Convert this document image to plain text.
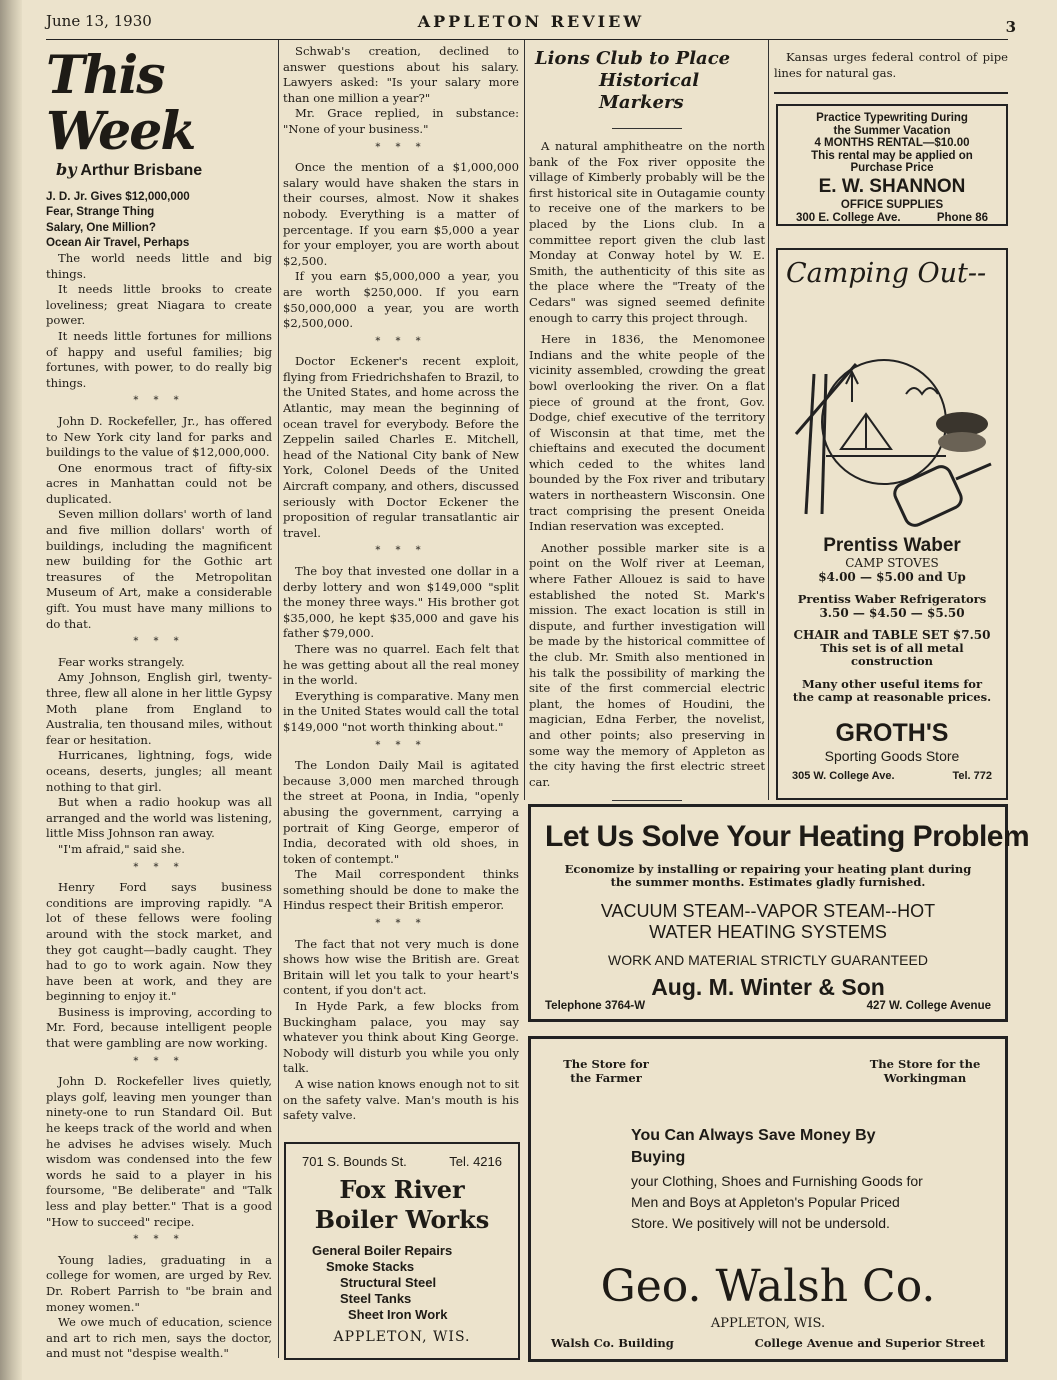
June 13, 1930	APPLETON REVIEW	3
This Week
by Arthur Brisbane
J. D. Jr. Gives $12,000,000
Fear, Strange Thing
Salary, One Million?
Ocean Air Travel, Perhaps

The world needs little and big things.

It needs little brooks to create loveliness; great Niagara to create power.

It needs little fortunes for millions of happy and useful families; big fortunes, with power, to do really big things.

* * *

John D. Rockefeller, Jr., has offered to New York city land for parks and buildings to the value of $12,000,000.

One enormous tract of fifty-six acres in Manhattan could not be duplicated.

Seven million dollars' worth of land and five million dollars' worth of buildings, including the magnificent new building for the Gothic art treasures of the Metropolitan Museum of Art, make a considerable gift. You must have many millions to do that.

* * *

Fear works strangely.

Amy Johnson, English girl, twenty-three, flew all alone in her little Gypsy Moth plane from England to Australia, ten thousand miles, without fear or hesitation.

Hurricanes, lightning, fogs, wide oceans, deserts, jungles; all meant nothing to that girl.

But when a radio hookup was all arranged and the world was listening, little Miss Johnson ran away.

"I'm afraid," said she.

* * *

Henry Ford says business conditions are improving rapidly. "A lot of these fellows were fooling around with the stock market, and they got caught—badly caught. They had to go to work again. Now they have been at work, and they are beginning to enjoy it."

Business is improving, according to Mr. Ford, because intelligent people that were gambling are now working.

* * *

John D. Rockefeller lives quietly, plays golf, leaving men younger than ninety-one to run Standard Oil. But he keeps track of the world and when he advises he advises wisely. Much wisdom was condensed into the few words he said to a player in his foursome, "Be deliberate" and "Talk less and play better." That is a good "How to succeed" recipe.

* * *

Young ladies, graduating in a college for women, are urged by Rev. Dr. Robert Parrish to "be brain and money women."

We owe much of education, science and art to rich men, says the doctor, and must not "despise wealth."

Schwab's creation, declined to answer questions about his salary. Lawyers asked: "Is your salary more than one million a year?"

Mr. Grace replied, in substance: "None of your business."

* * *

Once the mention of a $1,000,000 salary would have shaken the stars in their courses, almost. Now it shakes nobody. Everything is a matter of percentage. If you earn $5,000 a year for your employer, you are worth about $2,500.

If you earn $5,000,000 a year, you are worth $250,000. If you earn $50,000,000 a year, you are worth $2,500,000.

* * *

Doctor Eckener's recent exploit, flying from Friedrichshafen to Brazil, to the United States, and home across the Atlantic, may mean the beginning of ocean travel for everybody. Before the Zeppelin sailed Charles E. Mitchell, head of the National City bank of New York, Colonel Deeds of the United Aircraft company, and others, discussed seriously with Doctor Eckener the proposition of regular transatlantic air travel.

* * *

The boy that invested one dollar in a derby lottery and won $149,000 "split the money three ways." His brother got $35,000, he kept $35,000 and gave his father $79,000.

There was no quarrel. Each felt that he was getting about all the real money in the world.

Everything is comparative. Many men in the United States would call the total $149,000 "not worth thinking about."

* * *

The London Daily Mail is agitated because 3,000 men marched through the street at Poona, in India, "openly abusing the government, carrying a portrait of King George, emperor of India, decorated with old shoes, in token of contempt."

The Mail correspondent thinks something should be done to make the Hindus respect their British emperor.

* * *

The fact that not very much is done shows how wise the British are. Great Britain will let you talk to your heart's content, if you don't act.

In Hyde Park, a few blocks from Buckingham palace, you may say whatever you think about King George. Nobody will disturb you while you only talk.

A wise nation knows enough not to sit on the safety valve. Man's mouth is his safety valve.

701 S. Bounds St.	Tel. 4216
Fox River
Boiler Works
General Boiler Repairs
Smoke Stacks
Structural Steel
Steel Tanks
Sheet Iron Work
APPLETON, WIS.
Lions Club to Place
Historical Markers

A natural amphitheatre on the north bank of the Fox river opposite the village of Kimberly probably will be the first historical site in Outagamie county to receive one of the markers to be placed by the Lions club. In a committee report given the club last Monday at Conway hotel by W. E. Smith, the authenticity of this site as the place where the "Treaty of the Cedars" was signed seemed definite enough to carry this project through.

Here in 1836, the Menomonee Indians and the white people of the vicinity assembled, crowding the great bowl overlooking the river. On a flat piece of ground at the front, Gov. Dodge, chief executive of the territory of Wisconsin at that time, met the chieftains and executed the document which ceded to the whites land bounded by the Fox river and tributary waters in northeastern Wisconsin. One tract comprising the present Oneida Indian reservation was excepted.

Another possible marker site is a point on the Wolf river at Leeman, where Father Allouez is said to have established the noted St. Mark's mission. The exact location is still in dispute, and further investigation will be made by the historical committee of the club. Mr. Smith also mentioned in his talk the possibility of marking the site of the first commercial electric plant, the homes of Houdini, the magician, Edna Ferber, the novelist, and other points; also preserving in some way the memory of Appleton as the city having the first electric street car.

Kansas urges federal control of pipe lines for natural gas.

Practice Typewriting During
the Summer Vacation
4 MONTHS RENTAL—$10.00
This rental may be applied on
Purchase Price
E. W. SHANNON
OFFICE SUPPLIES
300 E. College Ave.	Phone 86
Camping Out--
Prentiss Waber
CAMP STOVES
$4.00 — $5.00 and Up
Prentiss Waber Refrigerators
3.50 — $4.50 — $5.50
CHAIR and TABLE SET $7.50
This set is of all metal construction
Many other useful items for the camp at reasonable prices.
GROTH'S
Sporting Goods Store
305 W. College Ave.	Tel. 772
Let Us Solve Your Heating Problem
Economize by installing or repairing your heating plant during the summer months. Estimates gladly furnished.
VACUUM STEAM--VAPOR STEAM--HOT
WATER HEATING SYSTEMS
WORK AND MATERIAL STRICTLY GUARANTEED
Aug. M. Winter & Son
Telephone 3764-W	427 W. College Avenue
The Store for the Farmer
The Store for the Workingman
You Can Always Save Money By Buying
your Clothing, Shoes and Furnishing Goods for Men and Boys at Appleton's Popular Priced Store. We positively will not be undersold.
Geo. Walsh Co.
APPLETON, WIS.
Walsh Co. Building	College Avenue and Superior Street
